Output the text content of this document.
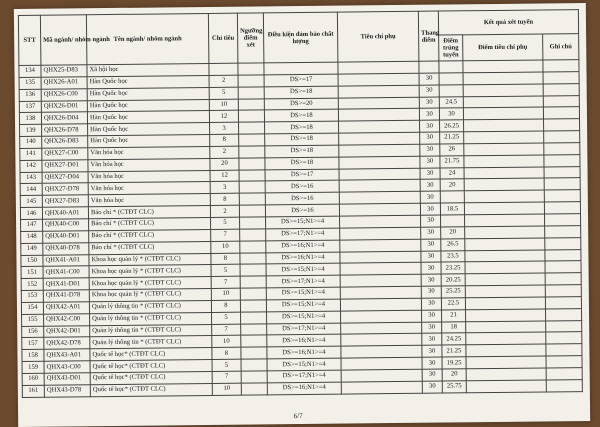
STT	Mã ngành/ nhóm ngành	Tên ngành/ nhóm ngành	Chỉ tiêu	Ngưỡng điểm xét	Điều kiện đảm bảo chất lượng	Tiêu chí phụ	Thang điểm	Kết quả xét tuyển		
								Điểm trúng tuyển	Điểm tiêu chí phụ	Ghi chú
134	QHX25-D83	Xã hội học								
135	QHX26-A01	Hàn Quốc học	2		DS>=17		30			
136	QHX26-C00	Hàn Quốc học	5		DS>=18		30			
137	QHX26-D01	Hàn Quốc học	10		DS>=20		30	24.5		
138	QHX26-D04	Hàn Quốc học	12		DS>=18		30	30		
139	QHX26-D78	Hàn Quốc học	3		DS>=18		30	26.25		
140	QHX26-D83	Hàn Quốc học	8		DS>=18		30	21.25		
141	QHX27-C00	Văn hóa học	2		DS>=18		30	26		
142	QHX27-D01	Văn hóa học	20		DS>=18		30	21.75		
143	QHX27-D04	Văn hóa học	12		DS>=17		30	24		
144	QHX27-D78	Văn hóa học	3		DS>=16		30	20		
145	QHX27-D83	Văn hóa học	8		DS>=16		30			
146	QHX40-A01	Báo chí * (CTĐT CLC)	2		DS>=16		30	18.5		
147	QHX40-C00	Báo chí * (CTĐT CLC)	5		DS>=15;N1>=4		30			
148	QHX40-D01	Báo chí * (CTĐT CLC)	7		DS>=17;N1>=4		30	20		
149	QHX40-D78	Báo chí * (CTĐT CLC)	10		DS>=16;N1>=4		30	26.5		
150	QHX41-A01	Khoa học quản lý * (CTĐT CLC)	8		DS>=16;N1>=4		30	23.5		
151	QHX41-C00	Khoa học quản lý * (CTĐT CLC)	5		DS>=15;N1>=4		30	23.25		
152	QHX41-D01	Khoa học quản lý * (CTĐT CLC)	7		DS>=17;N1>=4		30	20.25		
153	QHX41-D78	Khoa học quản lý * (CTĐT CLC)	10		DS>=15;N1>=4		30	25.25		
154	QHX42-A01	Quản lý thông tin * (CTĐT CLC)	8		DS>=15;N1>=4		30	22.5		
155	QHX42-C00	Quản lý thông tin * (CTĐT CLC)	5		DS>=15;N1>=4		30	21		
156	QHX42-D01	Quản lý thông tin * (CTĐT CLC)	7		DS>=17;N1>=4		30	18		
157	QHX42-D78	Quản lý thông tin * (CTĐT CLC)	10		DS>=16;N1>=4		30	24.25		
158	QHX43-A01	Quốc tế học* (CTĐT CLC)	8		DS>=16;N1>=4		30	21.25		
159	QHX43-C00	Quốc tế học* (CTĐT CLC)	5		DS>=15;N1>=4		30	19.25		
160	QHX43-D01	Quốc tế học* (CTĐT CLC)	7		DS>=17;N1>=4		30	20		
161	QHX43-D78	Quốc tế học* (CTĐT CLC)	10		DS>=16;N1>=4		30	25.75		
6/7
